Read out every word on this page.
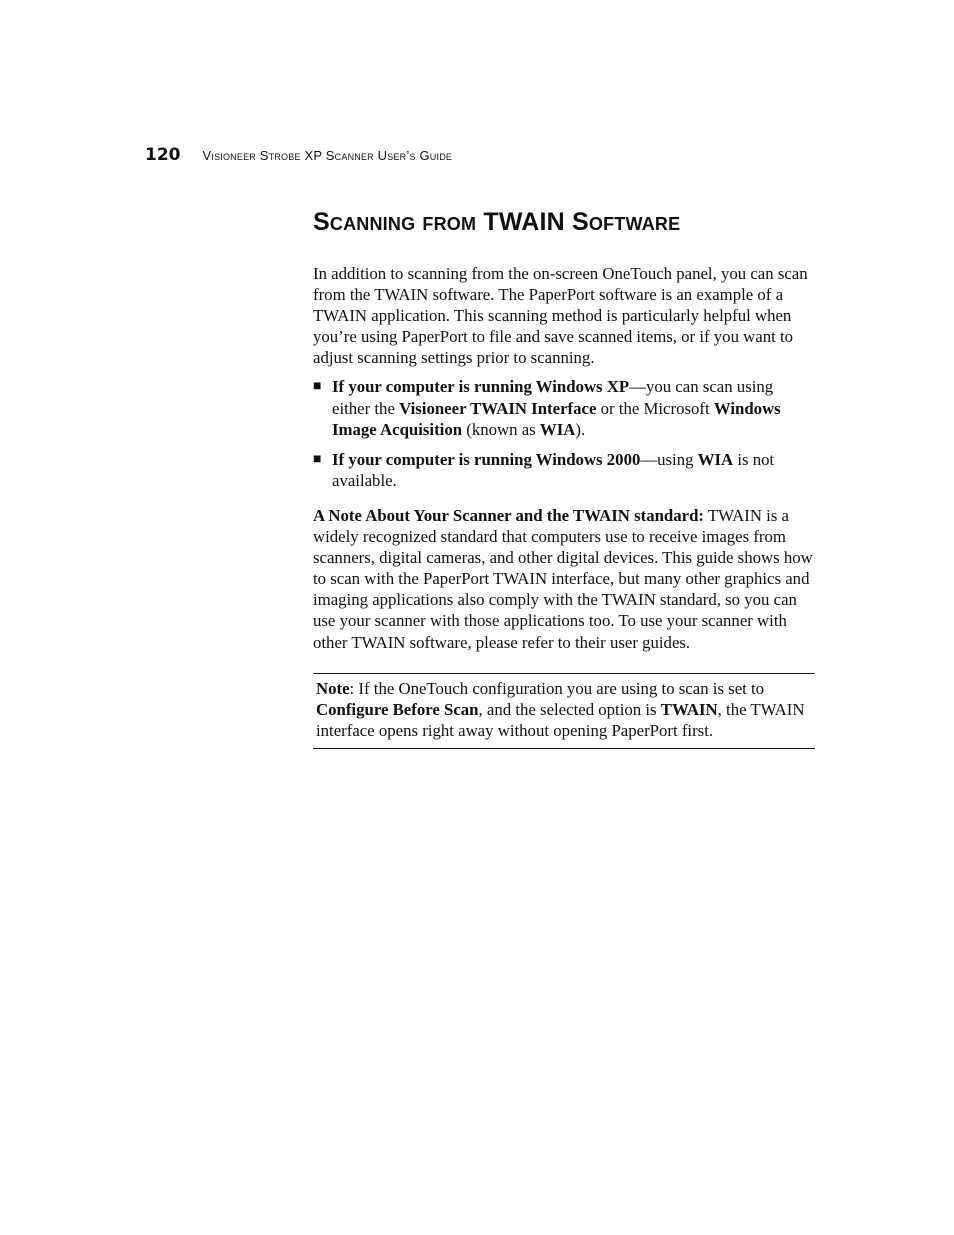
120 Visioneer Strobe XP Scanner User’s Guide
Scanning from TWAIN Software

In addition to scanning from the on-screen OneTouch panel, you can scan from the TWAIN software. The PaperPort software is an example of a TWAIN application. This scanning method is particularly helpful when you’re using PaperPort to file and save scanned items, or if you want to adjust scanning settings prior to scanning.

■ If your computer is running Windows XP—you can scan using either the Visioneer TWAIN Interface or the Microsoft Windows Image Acquisition (known as WIA).
■ If your computer is running Windows 2000—using WIA is not available.

A Note About Your Scanner and the TWAIN standard: TWAIN is a widely recognized standard that computers use to receive images from scanners, digital cameras, and other digital devices. This guide shows how to scan with the PaperPort TWAIN interface, but many other graphics and imaging applications also comply with the TWAIN standard, so you can use your scanner with those applications too. To use your scanner with other TWAIN software, please refer to their user guides.

Note: If the OneTouch configuration you are using to scan is set to Configure Before Scan, and the selected option is TWAIN, the TWAIN interface opens right away without opening PaperPort first.
